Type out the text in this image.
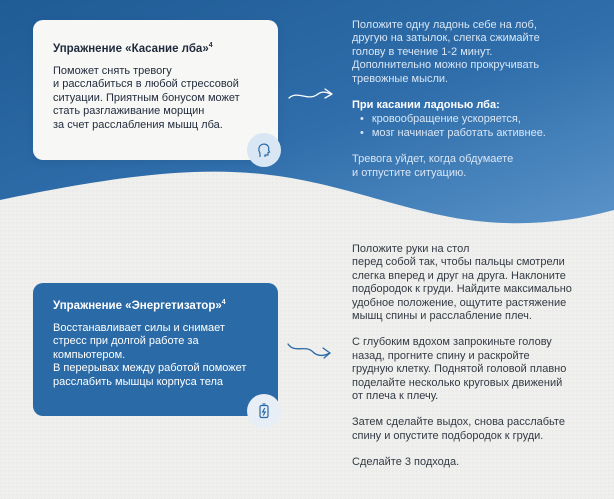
Упражнение «Касание лба»$^4$
Поможет снять тревогу
и расслабиться в любой стрессовой
ситуации. Приятным бонусом может
стать разглаживание морщин
за счет расслабления мышц лба.
Положите одну ладонь себе на лоб,
другую на затылок, слегка сжимайте
голову в течение 1-2 минут.
Дополнительно можно прокручивать
тревожные мысли.
При касании ладонью лба:
• кровообращение ускоряется,
• мозг начинает работать активнее.
Тревога уйдет, когда обдумаете
и отпустите ситуацию.
Упражнение «Энергетизатор»$^4$
Восстанавливает силы и снимает
стресс при долгой работе за
компьютером.
В перерывах между работой поможет
расслабить мышцы корпуса тела
Положите руки на стол
перед собой так, чтобы пальцы смотрели
слегка вперед и друг на друга. Наклоните
подбородок к груди. Найдите максимально
удобное положение, ощутите растяжение
мышц спины и расслабление плеч.
С глубоким вдохом запрокиньте голову
назад, прогните спину и раскройте
грудную клетку. Поднятой головой плавно
поделайте несколько круговых движений
от плеча к плечу.
Затем сделайте выдох, снова расслабьте
спину и опустите подбородок к груди.
Сделайте 3 подхода.
